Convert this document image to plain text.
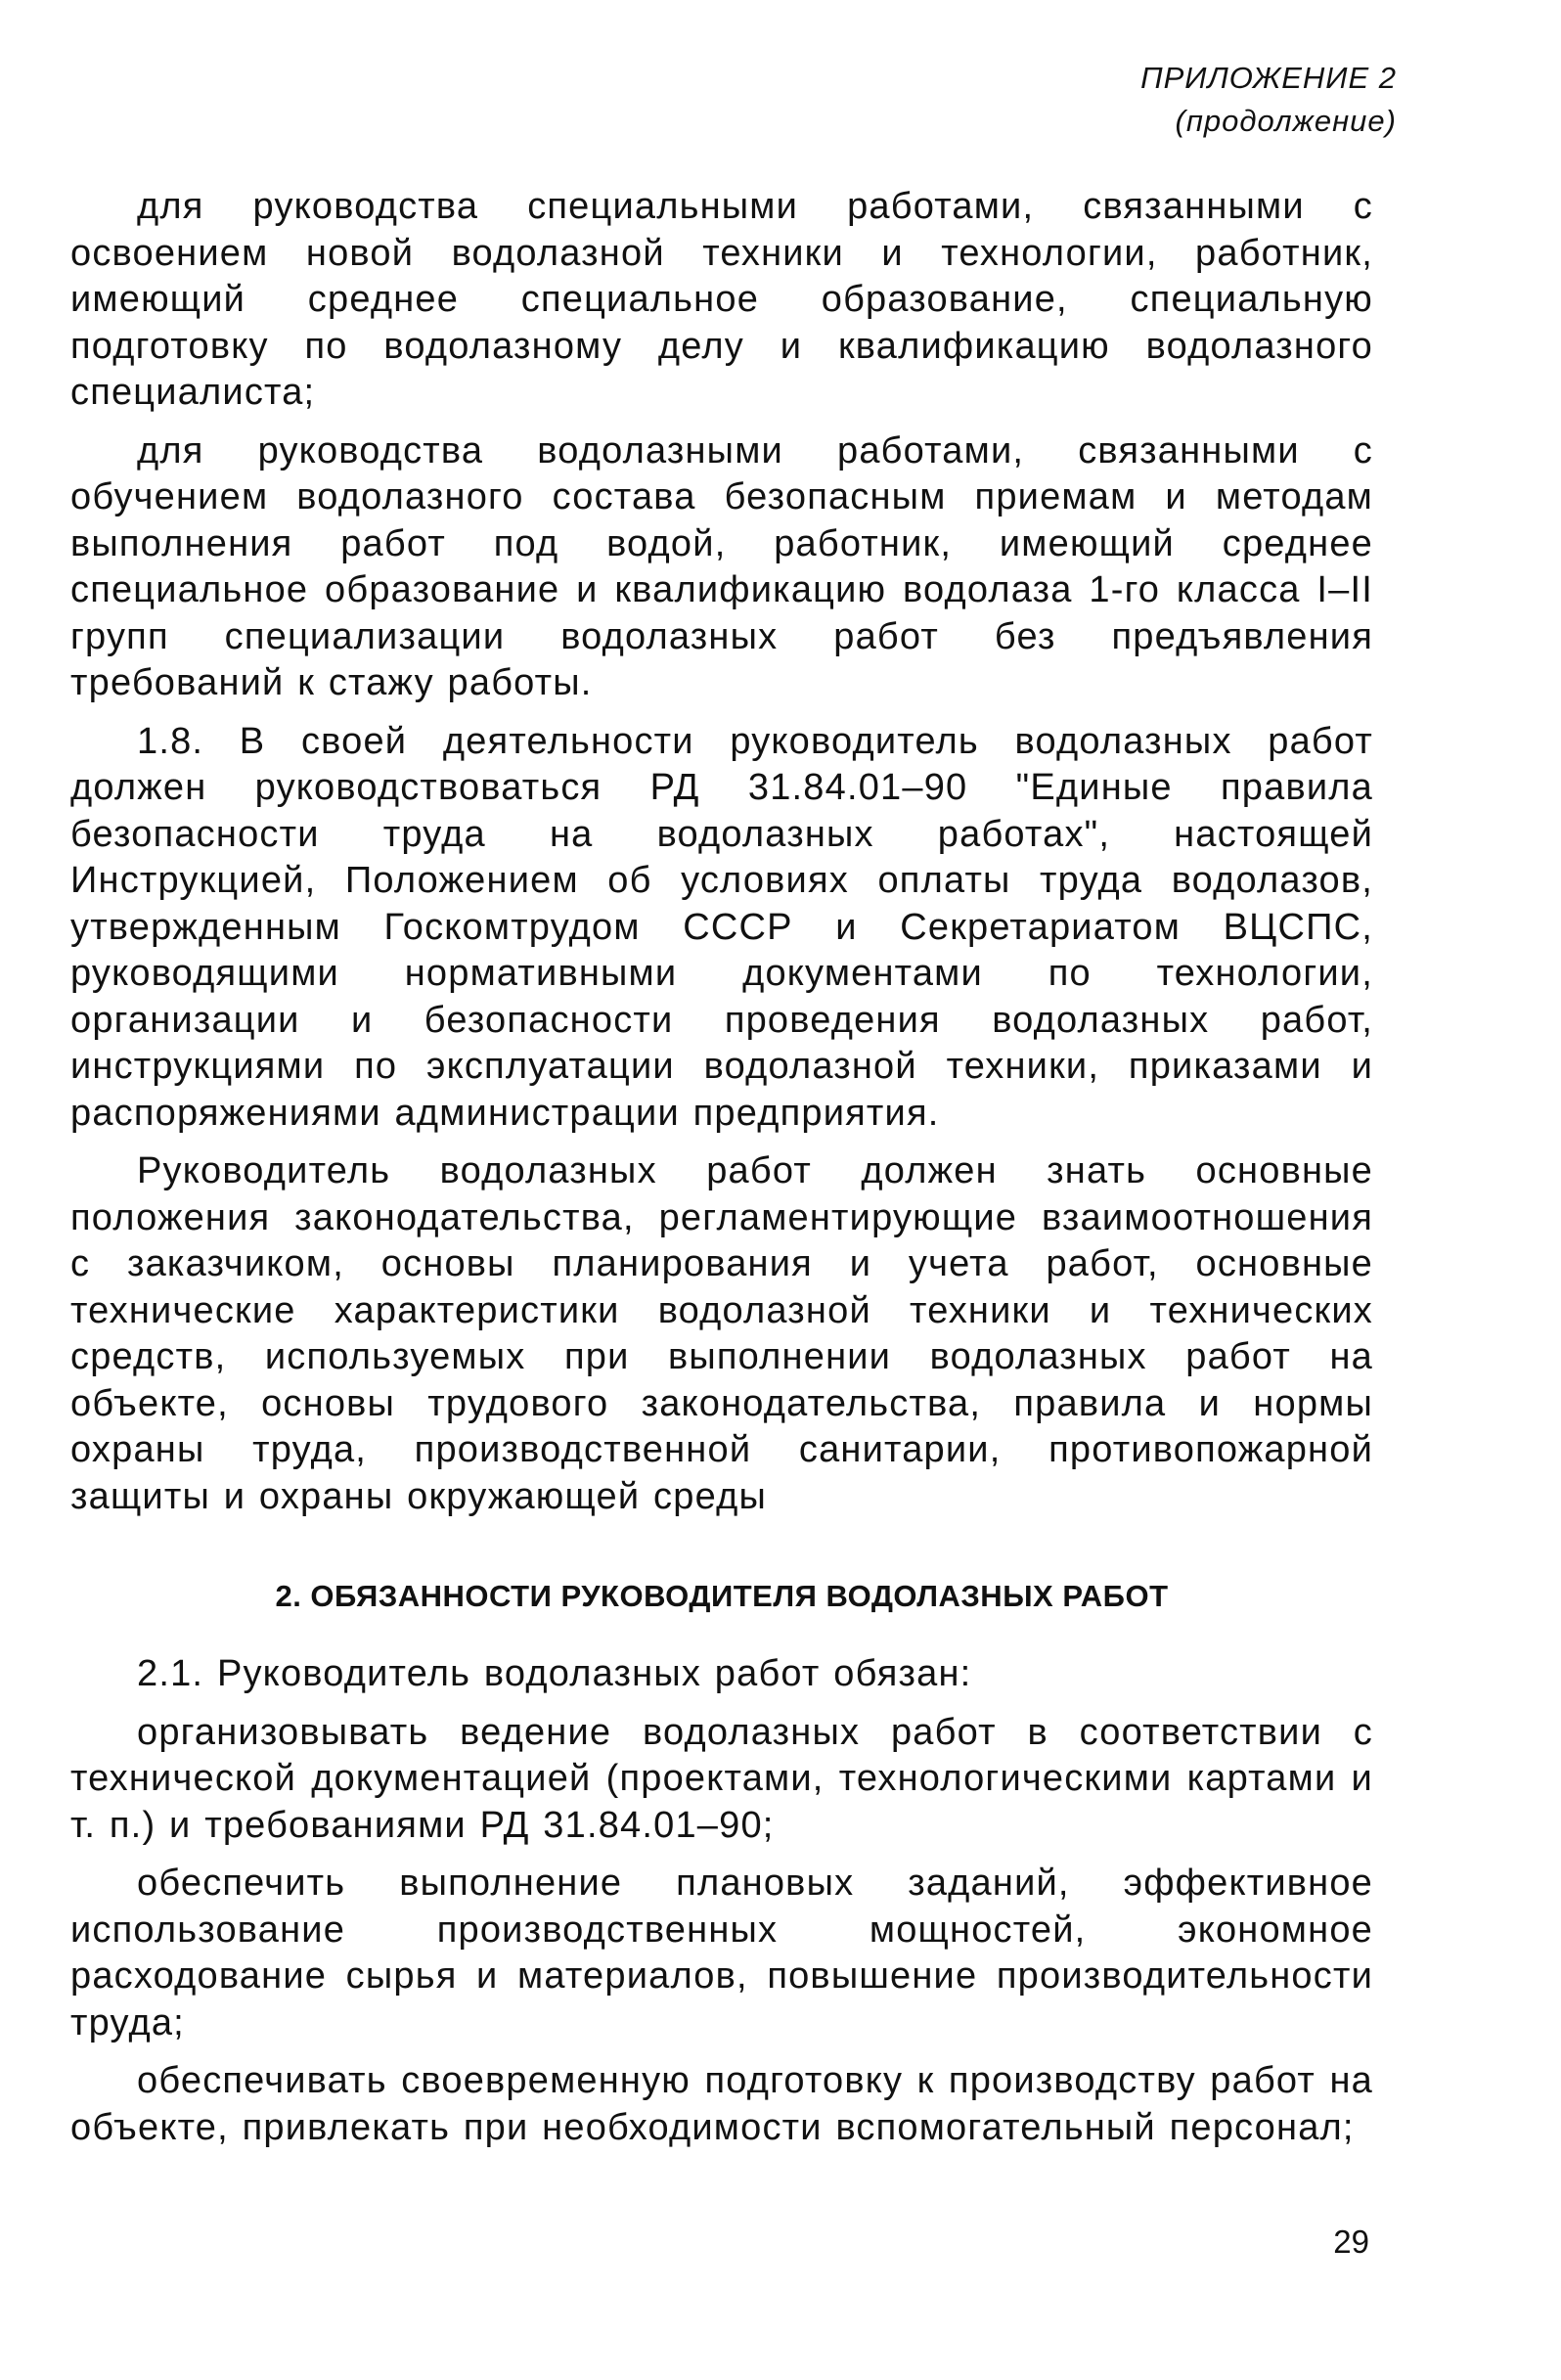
ПРИЛОЖЕНИЕ 2
(продолжение)

для руководства специальными работами, связанными с освоением новой водолазной техники и технологии, работник, имеющий среднее специальное образование, специальную подготовку по водолазному делу и квалификацию водолазного специалиста;

для руководства водолазными работами, связанными с обучением водолазного состава безопасным приемам и методам выполнения работ под водой, работник, имеющий среднее специальное образование и квалификацию водолаза 1-го класса І–ІІ групп специализации водолазных работ без предъявления требований к стажу работы.

1.8. В своей деятельности руководитель водолазных работ должен руководствоваться РД 31.84.01–90 "Единые правила безопасности труда на водолазных работах", настоящей Инструкцией, Положением об условиях оплаты труда водолазов, утвержденным Госкомтрудом СССР и Секретариатом ВЦСПС, руководящими нормативными документами по технологии, организации и безопасности проведения водолазных работ, инструкциями по эксплуатации водолазной техники, приказами и распоряжениями администрации предприятия.

Руководитель водолазных работ должен знать основные положения законодательства, регламентирующие взаимоотношения с заказчиком, основы планирования и учета работ, основные технические характеристики водолазной техники и технических средств, используемых при выполнении водолазных работ на объекте, основы трудового законодательства, правила и нормы охраны труда, производственной санитарии, противопожарной защиты и охраны окружающей среды

2. ОБЯЗАННОСТИ РУКОВОДИТЕЛЯ ВОДОЛАЗНЫХ РАБОТ

2.1. Руководитель водолазных работ обязан:

организовывать ведение водолазных работ в соответствии с технической документацией (проектами, технологическими картами и т. п.) и требованиями РД 31.84.01–90;

обеспечить выполнение плановых заданий, эффективное использование производственных мощностей, экономное расходование сырья и материалов, повышение производительности труда;

обеспечивать своевременную подготовку к производству работ на объекте, привлекать при необходимости вспомогательный персонал;

29
